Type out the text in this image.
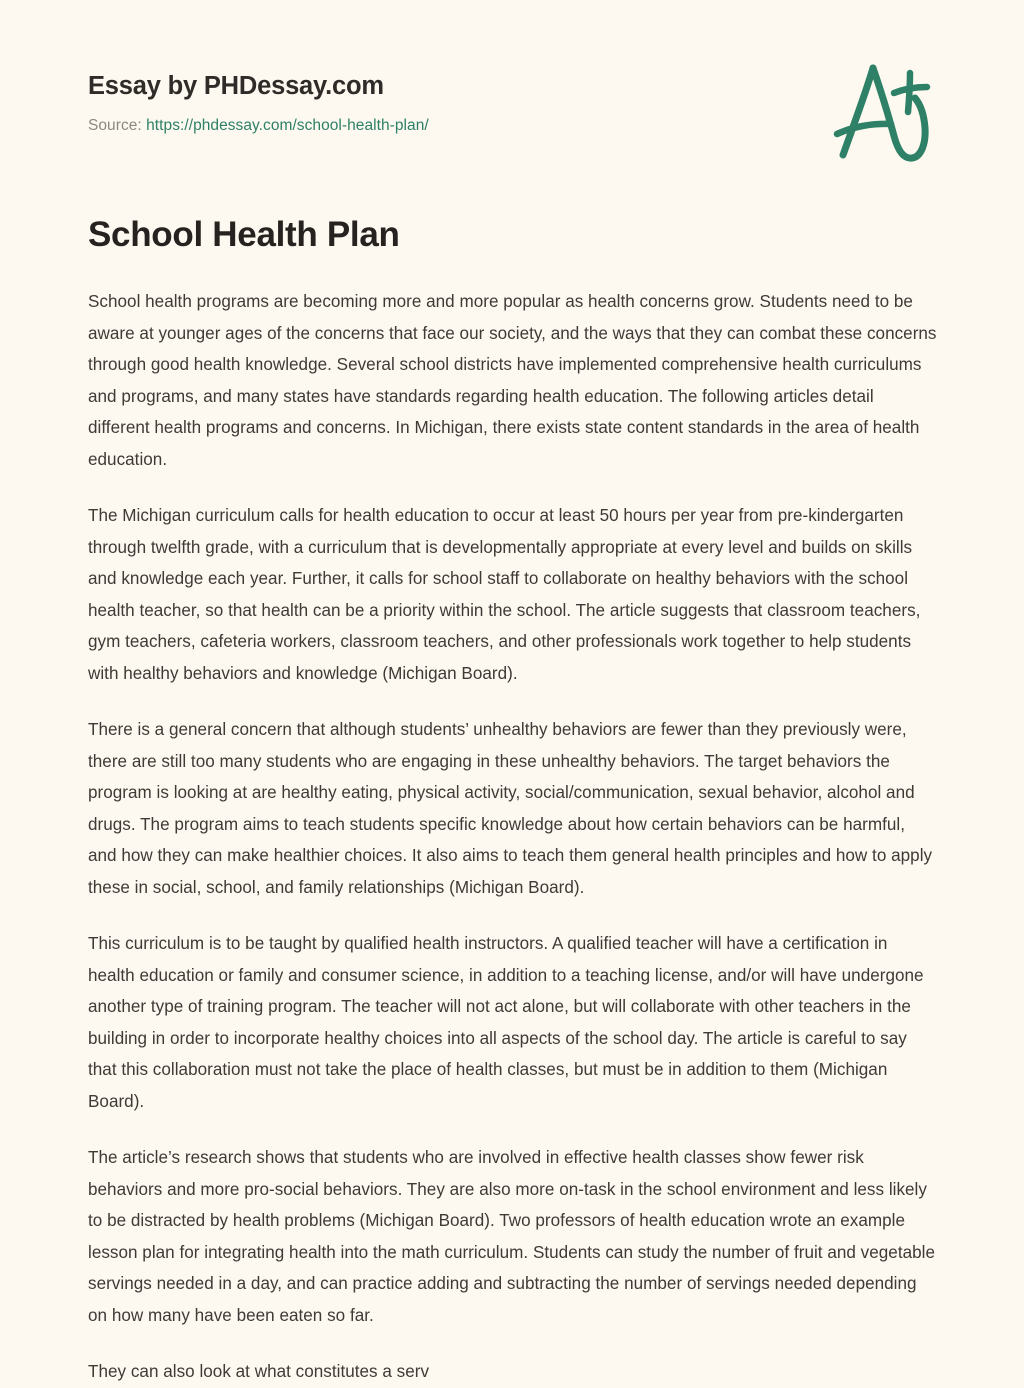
Essay by PHDessay.com
Source: https://phdessay.com/school-health-plan/
School Health Plan

School health programs are becoming more and more popular as health concerns grow. Students need to be aware at younger ages of the concerns that face our society, and the ways that they can combat these concerns through good health knowledge. Several school districts have implemented comprehensive health curriculums and programs, and many states have standards regarding health education. The following articles detail different health programs and concerns. In Michigan, there exists state content standards in the area of health education.

The Michigan curriculum calls for health education to occur at least 50 hours per year from pre-kindergarten through twelfth grade, with a curriculum that is developmentally appropriate at every level and builds on skills and knowledge each year. Further, it calls for school staff to collaborate on healthy behaviors with the school health teacher, so that health can be a priority within the school. The article suggests that classroom teachers, gym teachers, cafeteria workers, classroom teachers, and other professionals work together to help students with healthy behaviors and knowledge (Michigan Board).

There is a general concern that although students’ unhealthy behaviors are fewer than they previously were, there are still too many students who are engaging in these unhealthy behaviors. The target behaviors the program is looking at are healthy eating, physical activity, social/communication, sexual behavior, alcohol and drugs. The program aims to teach students specific knowledge about how certain behaviors can be harmful, and how they can make healthier choices. It also aims to teach them general health principles and how to apply these in social, school, and family relationships (Michigan Board).

This curriculum is to be taught by qualified health instructors. A qualified teacher will have a certification in health education or family and consumer science, in addition to a teaching license, and/or will have undergone another type of training program. The teacher will not act alone, but will collaborate with other teachers in the building in order to incorporate healthy choices into all aspects of the school day. The article is careful to say that this collaboration must not take the place of health classes, but must be in addition to them (Michigan Board).

The article’s research shows that students who are involved in effective health classes show fewer risk behaviors and more pro-social behaviors. They are also more on-task in the school environment and less likely to be distracted by health problems (Michigan Board). Two professors of health education wrote an example lesson plan for integrating health into the math curriculum. Students can study the number of fruit and vegetable servings needed in a day, and can practice adding and subtracting the number of servings needed depending on how many have been eaten so far.

They can also look at what constitutes a serv
